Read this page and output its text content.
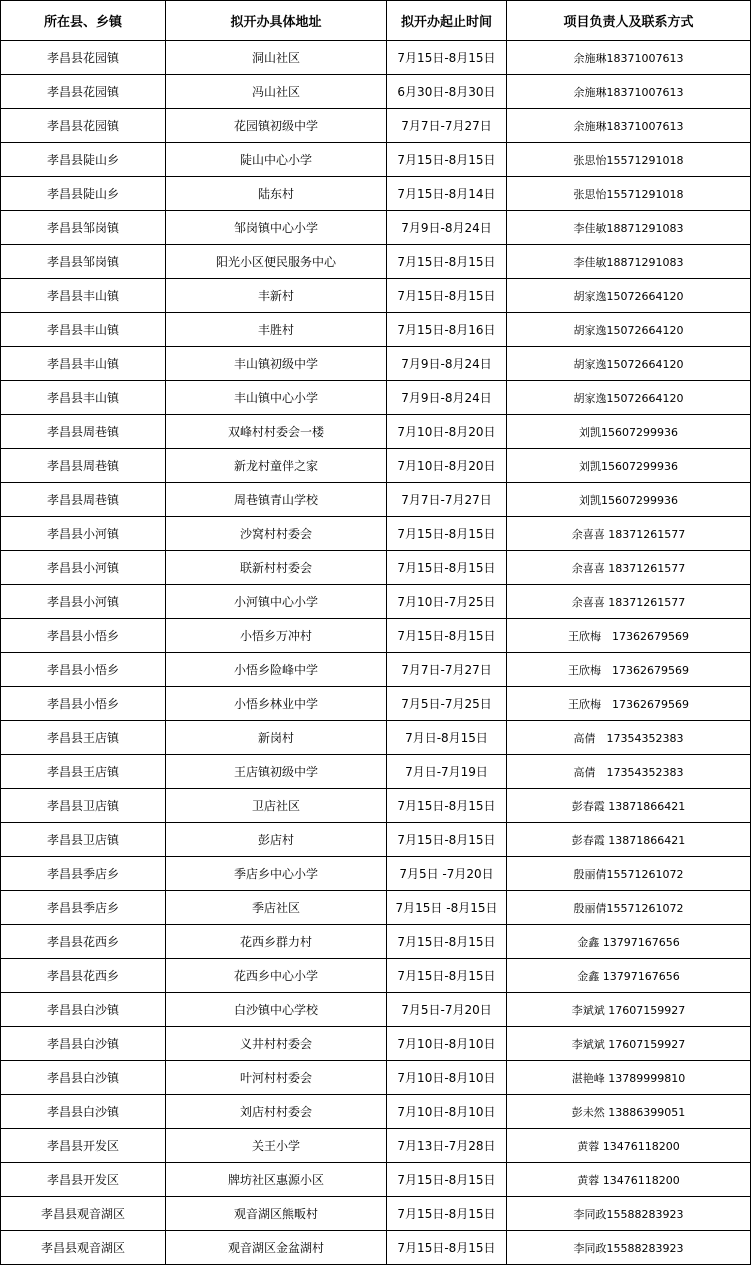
所在县、乡镇	拟开办具体地址	拟开办起止时间	项目负责人及联系方式
孝昌县花园镇	洞山社区	7月15日-8月15日	余施琳18371007613
孝昌县花园镇	冯山社区	6月30日-8月30日	余施琳18371007613
孝昌县花园镇	花园镇初级中学	7月7日-7月27日	余施琳18371007613
孝昌县陡山乡	陡山中心小学	7月15日-8月15日	张思怡15571291018
孝昌县陡山乡	陆东村	7月15日-8月14日	张思怡15571291018
孝昌县邹岗镇	邹岗镇中心小学	7月9日-8月24日	李佳敏18871291083
孝昌县邹岗镇	阳光小区便民服务中心	7月15日-8月15日	李佳敏18871291083
孝昌县丰山镇	丰新村	7月15日-8月15日	胡家逸15072664120
孝昌县丰山镇	丰胜村	7月15日-8月16日	胡家逸15072664120
孝昌县丰山镇	丰山镇初级中学	7月9日-8月24日	胡家逸15072664120
孝昌县丰山镇	丰山镇中心小学	7月9日-8月24日	胡家逸15072664120
孝昌县周巷镇	双峰村村委会一楼	7月10日-8月20日	刘凯15607299936
孝昌县周巷镇	新龙村童伴之家	7月10日-8月20日	刘凯15607299936
孝昌县周巷镇	周巷镇青山学校	7月7日-7月27日	刘凯15607299936
孝昌县小河镇	沙窝村村委会	7月15日-8月15日	余喜喜 18371261577
孝昌县小河镇	联新村村委会	7月15日-8月15日	余喜喜 18371261577
孝昌县小河镇	小河镇中心小学	7月10日-7月25日	余喜喜 18371261577
孝昌县小悟乡	小悟乡万冲村	7月15日-8月15日	王欣梅　17362679569
孝昌县小悟乡	小悟乡险峰中学	7月7日-7月27日	王欣梅　17362679569
孝昌县小悟乡	小悟乡林业中学	7月5日-7月25日	王欣梅　17362679569
孝昌县王店镇	新岗村	7月日-8月15日	高倩　17354352383
孝昌县王店镇	王店镇初级中学	7月日-7月19日	高倩　17354352383
孝昌县卫店镇	卫店社区	7月15日-8月15日	彭春霞 13871866421
孝昌县卫店镇	彭店村	7月15日-8月15日	彭春霞 13871866421
孝昌县季店乡	季店乡中心小学	7月5日 -7月20日	殷丽倩15571261072
孝昌县季店乡	季店社区	7月15日 -8月15日	殷丽倩15571261072
孝昌县花西乡	花西乡群力村	7月15日-8月15日	金鑫 13797167656
孝昌县花西乡	花西乡中心小学	7月15日-8月15日	金鑫 13797167656
孝昌县白沙镇	白沙镇中心学校	7月5日-7月20日	李斌斌 17607159927
孝昌县白沙镇	义井村村委会	7月10日-8月10日	李斌斌 17607159927
孝昌县白沙镇	叶河村村委会	7月10日-8月10日	湛艳峰 13789999810
孝昌县白沙镇	刘店村村委会	7月10日-8月10日	彭未然 13886399051
孝昌县开发区	关王小学	7月13日-7月28日	黄蓉 13476118200
孝昌县开发区	牌坊社区惠源小区	7月15日-8月15日	黄蓉 13476118200
孝昌县观音湖区	观音湖区熊畈村	7月15日-8月15日	李同政15588283923
孝昌县观音湖区	观音湖区金盆湖村	7月15日-8月15日	李同政15588283923
